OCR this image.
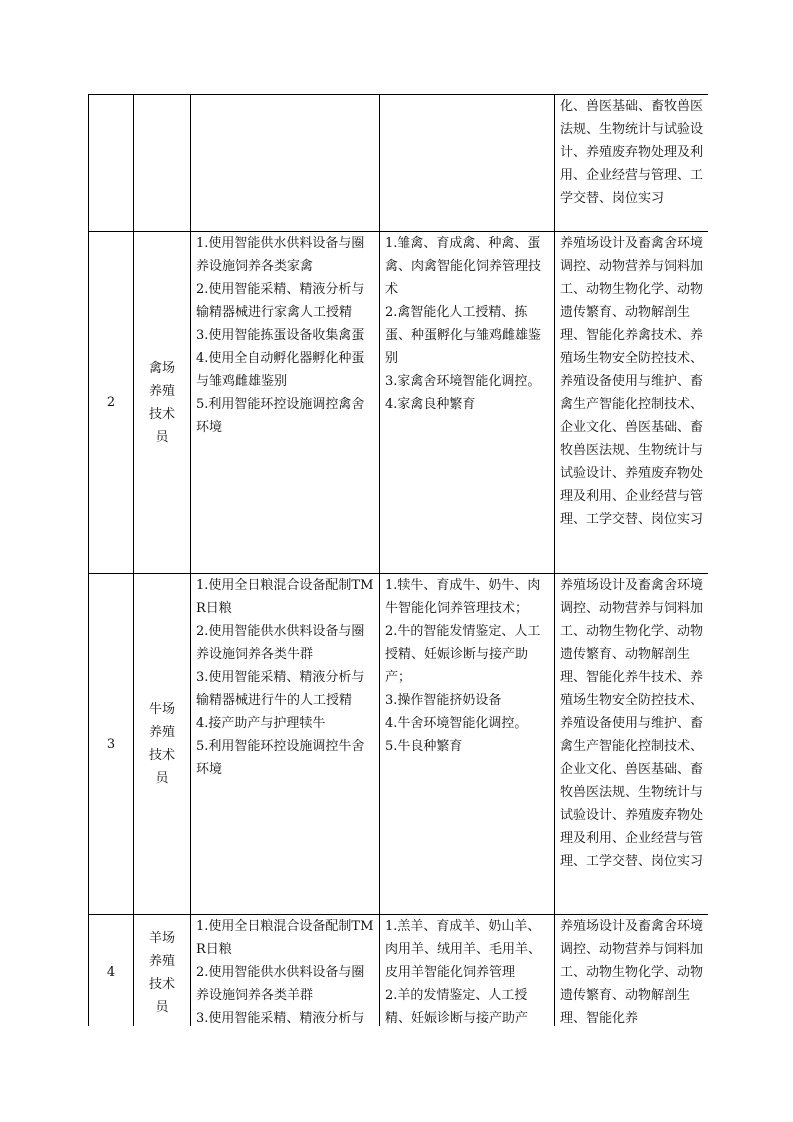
				化、兽医基础、畜牧兽医法规、生物统计与试验设计、养殖废弃物处理及利用、企业经营与管理、工学交替、岗位实习

2	禽场养殖技术员	1.使用智能供水供料设备与圈养设施饲养各类家禽
2.使用智能采精、精液分析与输精器械进行家禽人工授精
3.使用智能拣蛋设备收集禽蛋
4.使用全自动孵化器孵化种蛋与雏鸡雌雄鉴别
5.利用智能环控设施调控禽舍环境	1.雏禽、育成禽、种禽、蛋禽、肉禽智能化饲养管理技术
2.禽智能化人工授精、拣蛋、种蛋孵化与雏鸡雌雄鉴别
3.家禽舍环境智能化调控。
4.家禽良种繁育	养殖场设计及畜禽舍环境调控、动物营养与饲料加工、动物生物化学、动物遗传繁育、动物解剖生理、智能化养禽技术、养殖场生物安全防控技术、养殖设备使用与维护、畜禽生产智能化控制技术、企业文化、兽医基础、畜牧兽医法规、生物统计与试验设计、养殖废弃物处理及利用、企业经营与管理、工学交替、岗位实习

3	牛场养殖技术员	1.使用全日粮混合设备配制TMR日粮
2.使用智能供水供料设备与圈养设施饲养各类牛群
3.使用智能采精、精液分析与输精器械进行牛的人工授精
4.接产助产与护理犊牛
5.利用智能环控设施调控牛舍环境	1.犊牛、育成牛、奶牛、肉牛智能化饲养管理技术；
2.牛的智能发情鉴定、人工授精、妊娠诊断与接产助产；
3.操作智能挤奶设备
4.牛舍环境智能化调控。
5.牛良种繁育	养殖场设计及畜禽舍环境调控、动物营养与饲料加工、动物生物化学、动物遗传繁育、动物解剖生理、智能化养牛技术、养殖场生物安全防控技术、养殖设备使用与维护、畜禽生产智能化控制技术、企业文化、兽医基础、畜牧兽医法规、生物统计与试验设计、养殖废弃物处理及利用、企业经营与管理、工学交替、岗位实习

4	羊场养殖技术员	1.使用全日粮混合设备配制TMR日粮
2.使用智能供水供料设备与圈养设施饲养各类羊群
3.使用智能采精、精液分析与	1.羔羊、育成羊、奶山羊、肉用羊、绒用羊、毛用羊、皮用羊智能化饲养管理
2.羊的发情鉴定、人工授精、妊娠诊断与接产助产	养殖场设计及畜禽舍环境调控、动物营养与饲料加工、动物生物化学、动物遗传繁育、动物解剖生理、智能化养
